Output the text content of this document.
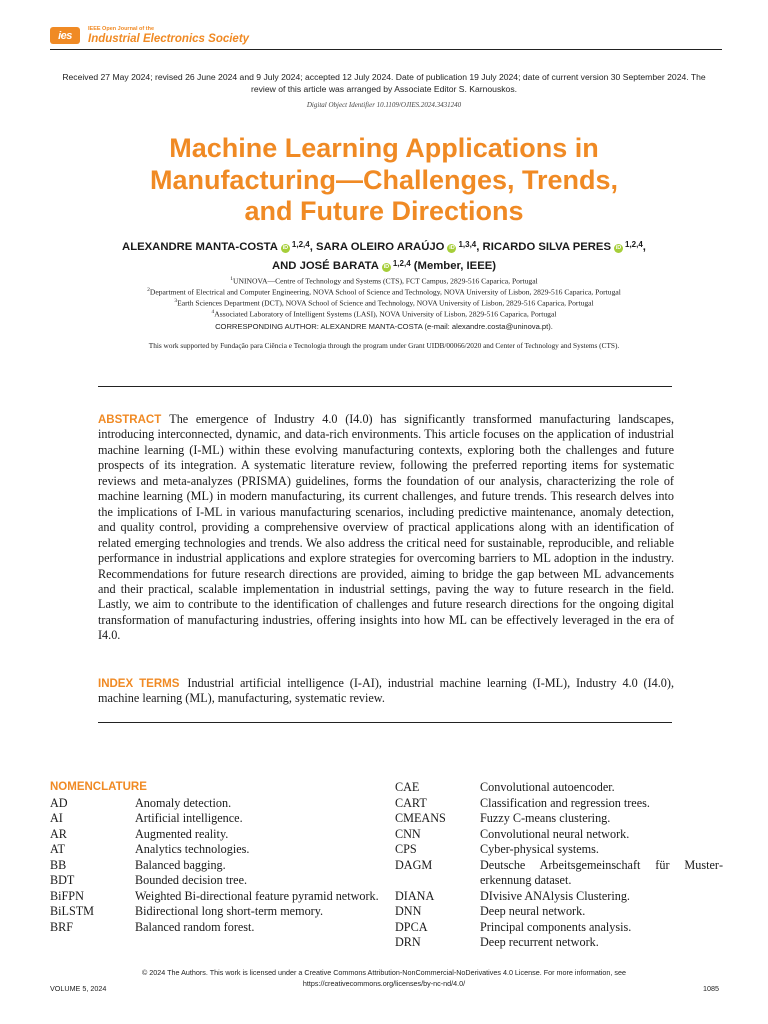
ies
IEEE Open Journal of the
Industrial Electronics Society
Received 27 May 2024; revised 26 June 2024 and 9 July 2024; accepted 12 July 2024. Date of publication 19 July 2024; date of current version 30 September 2024. The review of this article was arranged by Associate Editor S. Karnouskos.
Digital Object Identifier 10.1109/OJIES.2024.3431240
Machine Learning Applications in
Manufacturing—Challenges, Trends,
and Future Directions
ALEXANDRE MANTA-COSTA iD $^{1,2,4}$, SARA OLEIRO ARAÚJO iD $^{1,3,4}$, RICARDO SILVA PERES iD $^{1,2,4}$,
AND JOSÉ BARATA iD $^{1,2,4}$ (Member, IEEE)
$^1$UNINOVA—Centre of Technology and Systems (CTS), FCT Campus, 2829-516 Caparica, Portugal
$^2$Department of Electrical and Computer Engineering, NOVA School of Science and Technology, NOVA University of Lisbon, 2829-516 Caparica, Portugal
$^3$Earth Sciences Department (DCT), NOVA School of Science and Technology, NOVA University of Lisbon, 2829-516 Caparica, Portugal
$^4$Associated Laboratory of Intelligent Systems (LASI), NOVA University of Lisbon, 2829-516 Caparica, Portugal
CORRESPONDING AUTHOR: ALEXANDRE MANTA-COSTA (e-mail: alexandre.costa@uninova.pt).
This work supported by Fundação para Ciência e Tecnologia through the program under Grant UIDB/00066/2020 and Center of Technology and Systems (CTS).
ABSTRACT The emergence of Industry 4.0 (I4.0) has significantly transformed manufacturing landscapes, introducing interconnected, dynamic, and data-rich environments. This article focuses on the application of industrial machine learning (I-ML) within these evolving manufacturing contexts, exploring both the challenges and future prospects of its integration. A systematic literature review, following the preferred reporting items for systematic reviews and meta-analyzes (PRISMA) guidelines, forms the foundation of our analysis, characterizing the role of machine learning (ML) in modern manufacturing, its current challenges, and future trends. This research delves into the implications of I-ML in various manufacturing scenarios, including predictive maintenance, anomaly detection, and quality control, providing a comprehensive overview of practical applications along with an identification of related emerging technologies and trends. We also address the critical need for sustainable, reproducible, and reliable performance in industrial applications and explore strategies for overcoming barriers to ML adoption in the industry. Recommendations for future research directions are provided, aiming to bridge the gap between ML advancements and their practical, scalable implementation in industrial settings, paving the way to future research in the field. Lastly, we aim to contribute to the identification of challenges and future research directions for the ongoing digital transformation of manufacturing industries, offering insights into how ML can be effectively leveraged in the era of I4.0.
INDEX TERMS Industrial artificial intelligence (I-AI), industrial machine learning (I-ML), Industry 4.0 (I4.0), machine learning (ML), manufacturing, systematic review.
NOMENCLATURE
AD	Anomaly detection.
AI	Artificial intelligence.
AR	Augmented reality.
AT	Analytics technologies.
BB	Balanced bagging.
BDT	Bounded decision tree.
BiFPN	Weighted Bi-directional feature pyramid network.
BiLSTM	Bidirectional long short-term memory.
BRF	Balanced random forest.
CAE	Convolutional autoencoder.
CART	Classification and regression trees.
CMEANS	Fuzzy C-means clustering.
CNN	Convolutional neural network.
CPS	Cyber-physical systems.
DAGM	Deutsche Arbeitsgemeinschaft für Mustererkennung dataset.
DIANA	DIvisive ANAlysis Clustering.
DNN	Deep neural network.
DPCA	Principal components analysis.
DRN	Deep recurrent network.
© 2024 The Authors. This work is licensed under a Creative Commons Attribution-NonCommercial-NoDerivatives 4.0 License. For more information, see https://creativecommons.org/licenses/by-nc-nd/4.0/
VOLUME 5, 2024	1085
